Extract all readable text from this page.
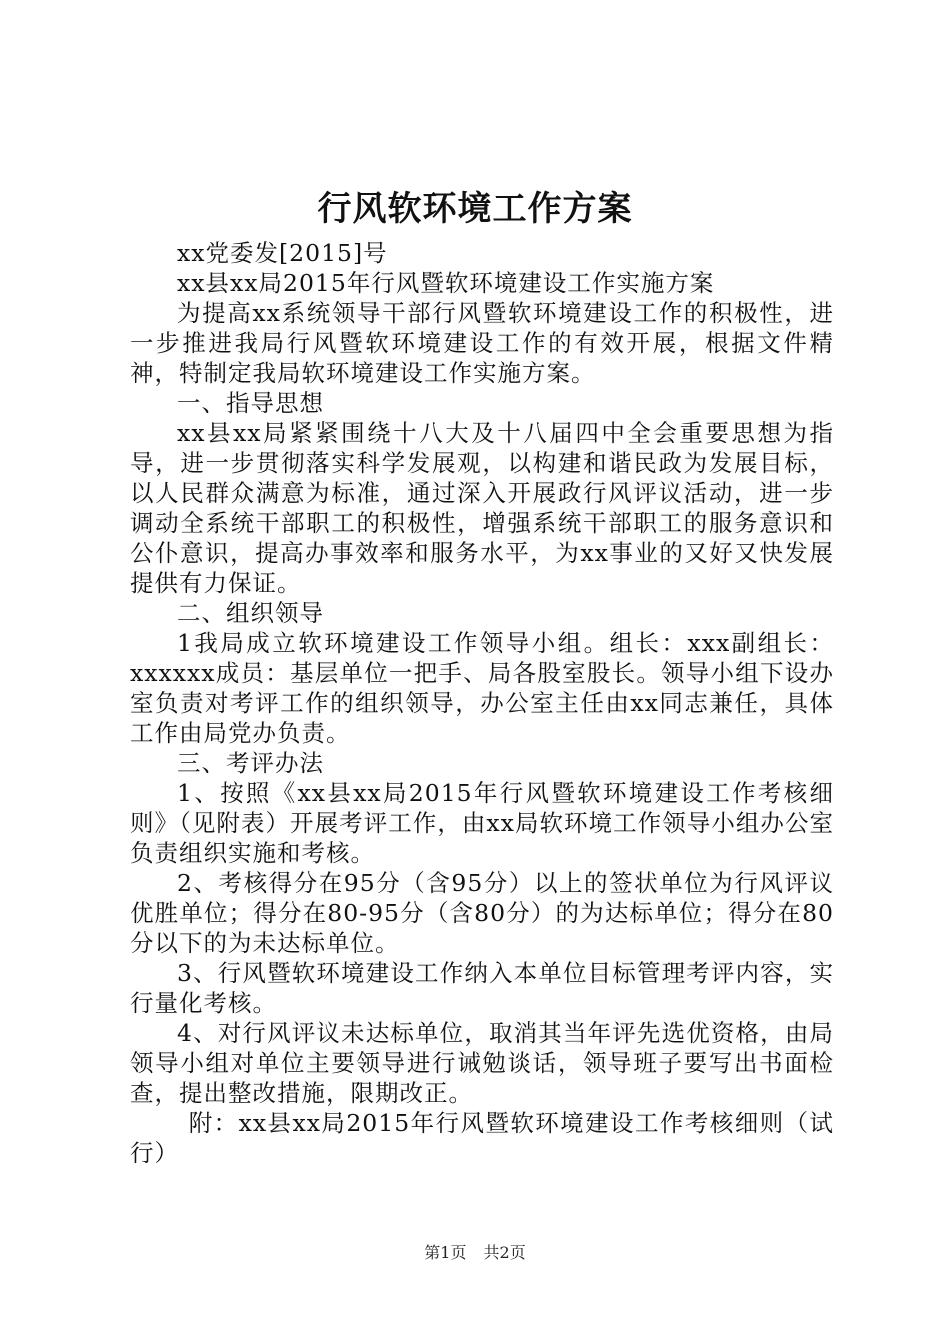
行风软环境工作方案

xx党委发[2015]号

xx县xx局2015年行风暨软环境建设工作实施方案

为提高xx系统领导干部行风暨软环境建设工作的积极性，进一步推进我局行风暨软环境建设工作的有效开展，根据文件精神，特制定我局软环境建设工作实施方案。

一、指导思想

xx县xx局紧紧围绕十八大及十八届四中全会重要思想为指导，进一步贯彻落实科学发展观，以构建和谐民政为发展目标，以人民群众满意为标准，通过深入开展政行风评议活动，进一步调动全系统干部职工的积极性，增强系统干部职工的服务意识和公仆意识，提高办事效率和服务水平，为xx事业的又好又快发展提供有力保证。

二、组织领导

1我局成立软环境建设工作领导小组。组长：xxx副组长：xxxxxx成员：基层单位一把手、局各股室股长。领导小组下设办室负责对考评工作的组织领导，办公室主任由xx同志兼任，具体工作由局党办负责。

三、考评办法

1、按照《xx县xx局2015年行风暨软环境建设工作考核细则》（见附表）开展考评工作，由xx局软环境工作领导小组办公室负责组织实施和考核。

2、考核得分在95分（含95分）以上的签状单位为行风评议优胜单位；得分在80-95分（含80分）的为达标单位；得分在80分以下的为未达标单位。

3、行风暨软环境建设工作纳入本单位目标管理考评内容，实行量化考核。

4、对行风评议未达标单位，取消其当年评先选优资格，由局领导小组对单位主要领导进行诫勉谈话，领导班子要写出书面检查，提出整改措施，限期改正。

附：xx县xx局2015年行风暨软环境建设工作考核细则（试行）

第1页 共2页
